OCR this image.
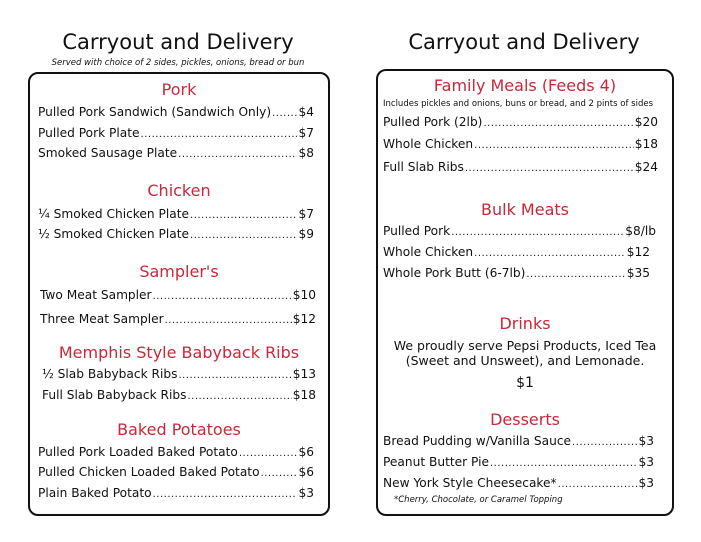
Carryout and Delivery
Served with choice of 2 sides, pickles, onions, bread or bun
Pork
Pulled Pork Sandwich (Sandwich Only) ..... $4
Pulled Pork Plate .....	$7
Smoked Sausage Plate .....	$8
Chicken
¼ Smoked Chicken Plate .....	$7
½ Smoked Chicken Plate .....	$9
Sampler's
Two Meat Sampler .....	$10
Three Meat Sampler .....	$12
Memphis Style Babyback Ribs
½ Slab Babyback Ribs .....	$13
Full Slab Babyback Ribs .....	$18
Baked Potatoes
Pulled Pork Loaded Baked Potato .....	$6
Pulled Chicken Loaded Baked Potato .....	$6
Plain Baked Potato .....	$3
Carryout and Delivery
Family Meals (Feeds 4)
Includes pickles and onions, buns or bread, and 2 pints of sides
Pulled Pork (2lb) .....	$20
Whole Chicken .....	$18
Full Slab Ribs .....	$24
Bulk Meats
Pulled Pork .....	$8/lb
Whole Chicken .....	$12
Whole Pork Butt (6-7lb) .....	$35
Drinks
We proudly serve Pepsi Products, Iced Tea
(Sweet and Unsweet), and Lemonade.
$1
Desserts
Bread Pudding w/Vanilla Sauce .....	$3
Peanut Butter Pie .....	$3
New York Style Cheesecake* .....	$3
*Cherry, Chocolate, or Caramel Topping
